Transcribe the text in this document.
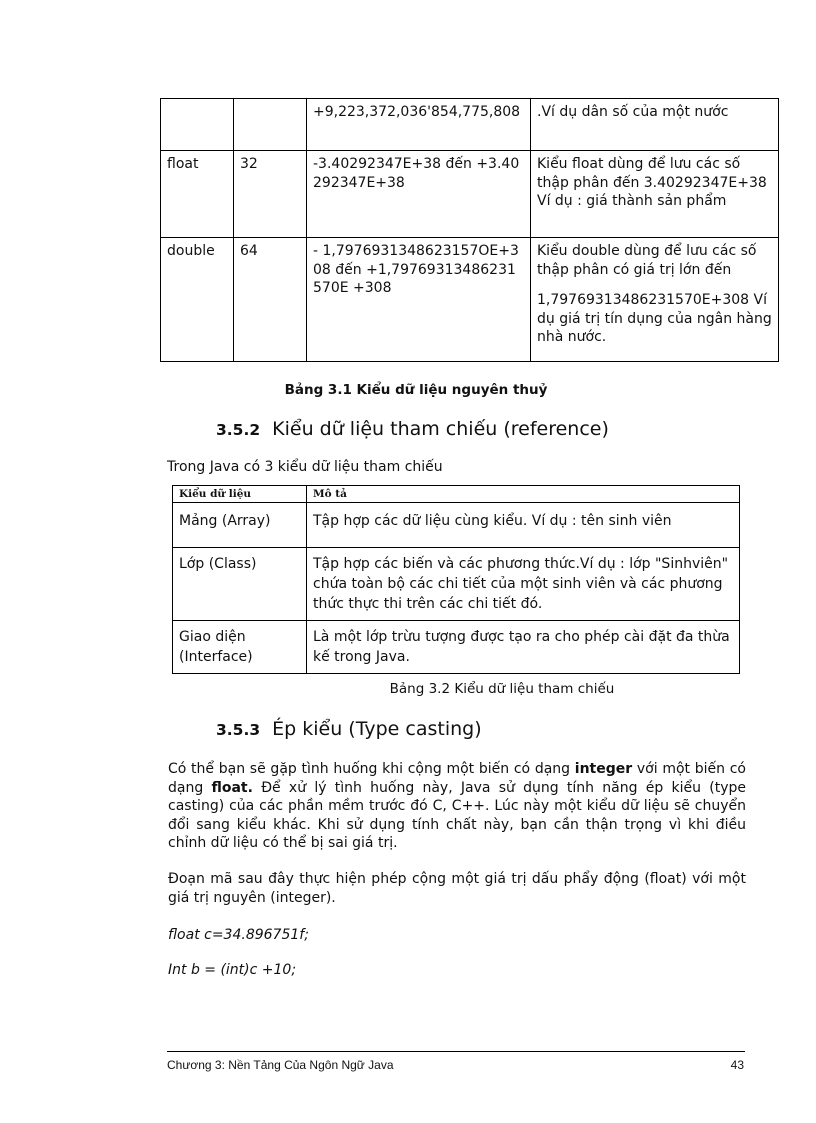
		+9,223,372,036'854,775,808	.Ví dụ dân số của một nước
float	32	-3.40292347E+38 đến +3.40292347E+38	Kiểu float dùng để lưu các số thập phân đến 3.40292347E+38 Ví dụ : giá thành sản phẩm
double	64	- 1,7976931348623157OE+308 đến +1,79769313486231570E +308	Kiểu double dùng để lưu các số thập phân có giá trị lớn đến
1,79769313486231570E+308 Ví dụ giá trị tín dụng của ngân hàng nhà nước.
Bảng 3.1 Kiểu dữ liệu nguyên thuỷ
3.5.2 Kiểu dữ liệu tham chiếu (reference)
Trong Java có 3 kiểu dữ liệu tham chiếu
Kiểu dữ liệu	Mô tả
Mảng (Array)	Tập hợp các dữ liệu cùng kiểu. Ví dụ : tên sinh viên
Lớp (Class)	Tập hợp các biến và các phương thức.Ví dụ : lớp "Sinhviên" chứa toàn bộ các chi tiết của một sinh viên và các phương thức thực thi trên các chi tiết đó.
Giao diện (Interface)	Là một lớp trừu tượng được tạo ra cho phép cài đặt đa thừa kế trong Java.
Bảng 3.2 Kiểu dữ liệu tham chiếu
3.5.3 Ép kiểu (Type casting)

Có thể bạn sẽ gặp tình huống khi cộng một biến có dạng integer với một biến có dạng float. Để xử lý tình huống này, Java sử dụng tính năng ép kiểu (type casting) của các phần mềm trước đó C, C++. Lúc này một kiểu dữ liệu sẽ chuyển đổi sang kiểu khác. Khi sử dụng tính chất này, bạn cần thận trọng vì khi điều chỉnh dữ liệu có thể bị sai giá trị.

Đoạn mã sau đây thực hiện phép cộng một giá trị dấu phẩy động (float) với một giá trị nguyên (integer).

float c=34.896751f;
Int b = (int)c +10;
Chương 3: Nền Tảng Của Ngôn Ngữ Java	43
